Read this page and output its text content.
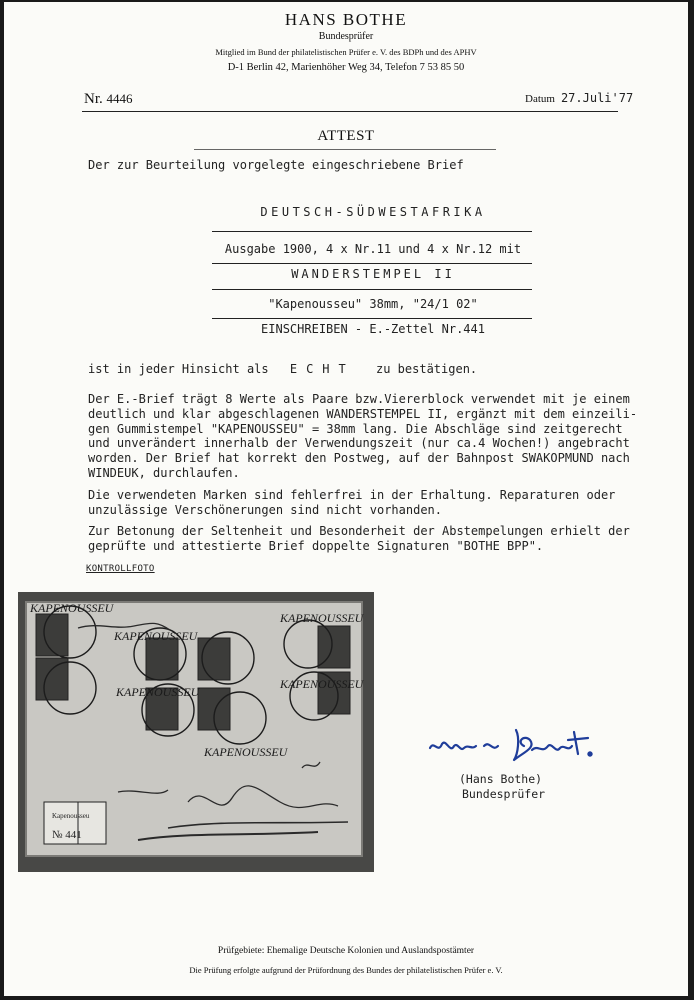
HANS BOTHE
Bundesprüfer
Mitglied im Bund der philatelistischen Prüfer e. V. des BDPh und des APHV
D-1 Berlin 42, Marienhöher Weg 34, Telefon 7 53 85 50
Nr. 4446	Datum 27.Juli'77
ATTEST
Der zur Beurteilung vorgelegte eingeschriebene Brief
DEUTSCH-SÜDWESTAFRIKA
Ausgabe 1900, 4 x Nr.11 und 4 x Nr.12 mit
WANDERSTEMPEL II
"Kapenousseu" 38mm, "24/1 02"
EINSCHREIBEN - E.-Zettel Nr.441
ist in jeder Hinsicht als ECHT zu bestätigen.
Der E.-Brief trägt 8 Werte als Paare bzw.Viererblock verwendet mit je einem
deutlich und klar abgeschlagenen WANDERSTEMPEL II, ergänzt mit dem einzeili-
gen Gummistempel "KAPENOUSSEU" = 38mm lang. Die Abschläge sind zeitgerecht
und unverändert innerhalb der Verwendungszeit (nur ca.4 Wochen!) angebracht
worden. Der Brief hat korrekt den Postweg, auf der Bahnpost SWAKOPMUND nach
WINDEUK, durchlaufen.
Die verwendeten Marken sind fehlerfrei in der Erhaltung. Reparaturen oder
unzulässige Verschönerungen sind nicht vorhanden.
Zur Betonung der Seltenheit und Besonderheit der Abstempelungen erhielt der
geprüfte und attestierte Brief doppelte Signaturen "BOTHE BPP".
KONTROLLFOTO
KAPENOUSSEU
KAPENOUSSEU
KAPENOUSSEU
KAPENOUSSEU
KAPENOUSSEU
KAPENOUSSEU
Kapenousseu
№ 441
(Hans Bothe)
Bundesprüfer
Prüfgebiete: Ehemalige Deutsche Kolonien und Auslandspostämter
Die Prüfung erfolgte aufgrund der Prüfordnung des Bundes der philatelistischen Prüfer e. V.
